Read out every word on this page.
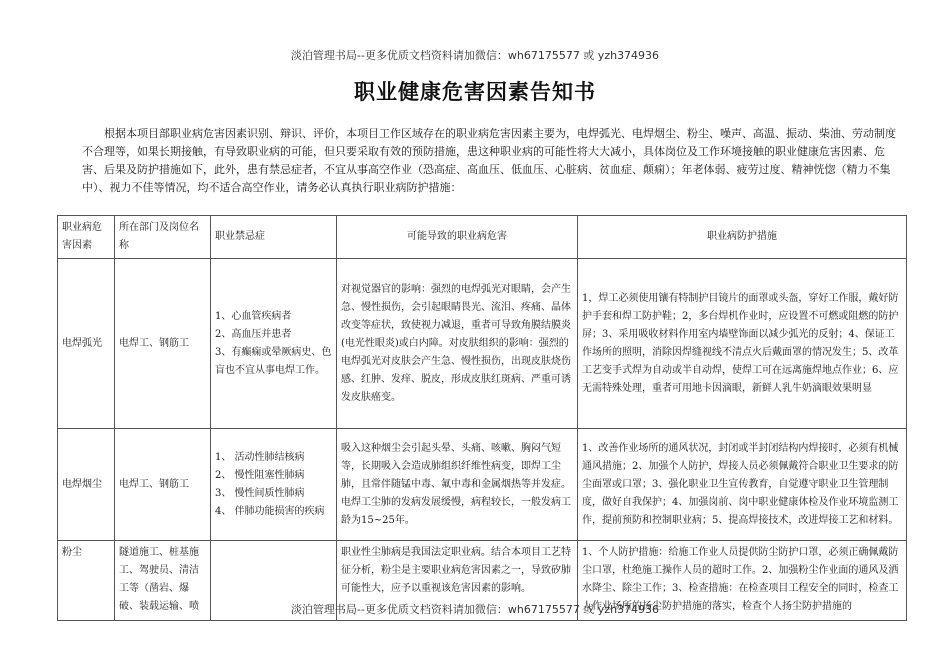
淡泊管理书局--更多优质文档资料请加微信：wh67175577 或 yzh374936
职业健康危害因素告知书
根据本项目部职业病危害因素识别、辩识、评价，本项目工作区域存在的职业病危害因素主要为，电焊弧光、电焊烟尘、粉尘、噪声、高温、振动、柴油、劳动制度不合理等，如果长期接触，有导致职业病的可能，但只要采取有效的预防措施，患这种职业病的可能性将大大减小，具体岗位及工作环境接触的职业健康危害因素、危害、后果及防护措施如下，此外，患有禁忌症者，不宜从事高空作业（恐高症、高血压、低血压、心脏病、贫血症、颠痫）；年老体弱、疲劳过度、精神恍惚（精力不集中）、视力不佳等情况，均不适合高空作业，请务必认真执行职业病防护措施：
职业病危害因素	所在部门及岗位名称	职业禁忌症	可能导致的职业病危害	职业病防护措施
电焊弧光	电焊工、钢筋工	1、心血管疾病者
2、高血压并患者
3、有癫痫或晕厥病史、色盲也不宜从事电焊工作。	对视觉器官的影响：强烈的电焊弧光对眼睛，会产生急、慢性损伤，会引起眼睛畏光、流泪、疼痛、晶体改变等症状，致使视力减退，重者可导致角膜结膜炎(电光性眼炎)或白内障。对皮肤组织的影响：强烈的电焊弧光对皮肤会产生急、慢性损伤，出现皮肤烧伤感、红肿、发痒、脱皮，形成皮肤红斑病、严重可诱发皮肤癌变。	1，焊工必须使用镶有特制护目镜片的面罩或头盔，穿好工作服，戴好防护手套和焊工防护鞋；2，多台焊机作业时，应设置不可燃或阻燃的防护屏；3、采用吸收材料作用室内墙壁饰面以减少弧光的反射；4、保证工作场所的照明，消除因焊缝视线不清点火后戴面罩的情况发生；5、改革工艺变手式焊为自动或半自动焊，使焊工可在远离施焊地点作业；6、应无需特殊处理，重者可用地卡因滴眼，新鲜人乳牛奶滴眼效果明显
电焊烟尘	电焊工、钢筋工	1、 活动性肺结核病
2、 慢性阻塞性肺病
3、 慢性间质性肺病
4、 伴肺功能损害的疾病	吸入这种烟尘会引起头晕、头痛、咳嗽、胸闷气短等，长期吸入会造成肺组织纤维性病变，即焊工尘肺，且常伴随锰中毒、氟中毒和金属烟热等并发症。电焊工尘肺的发病发展缓慢，病程较长，一般发病工龄为15~25年。	1、改善作业场所的通风状况，封闭或半封闭结构内焊接时，必须有机械通风措施；2、加强个人防护，焊接人员必须佩戴符合职业卫生要求的防尘面罩或口罩；3、强化职业卫生宣传教育，自觉遵守职业卫生管理制度，做好自我保护；4、加强岗前、岗中职业健康体检及作业环境监测工作，提前预防和控制职业病；5、提高焊接技术，改进焊接工艺和材料。
粉尘	隧道施工、桩基施工、驾驶员、清洁工等（凿岩、爆破、装载运输、喷		职业性尘肺病是我国法定职业病。结合本项目工艺特征分析，粉尘是主要职业病危害因素之一，导致矽肺可能性大，应予以重视该危害因素的影响。	1、个人防护措施：给施工作业人员提供防尘防护口罩，必须正确佩戴防尘口罩，杜绝施工操作人员的超时工作。2、加强粉尘作业面的通风及洒水降尘、除尘工作；3、检查措施：在检查项目工程安全的同时，检查工人作业场所的扬尘防护措施的落实，检查个人扬尘防护措施的
淡泊管理书局--更多优质文档资料请加微信：wh67175577 或 yzh374936
